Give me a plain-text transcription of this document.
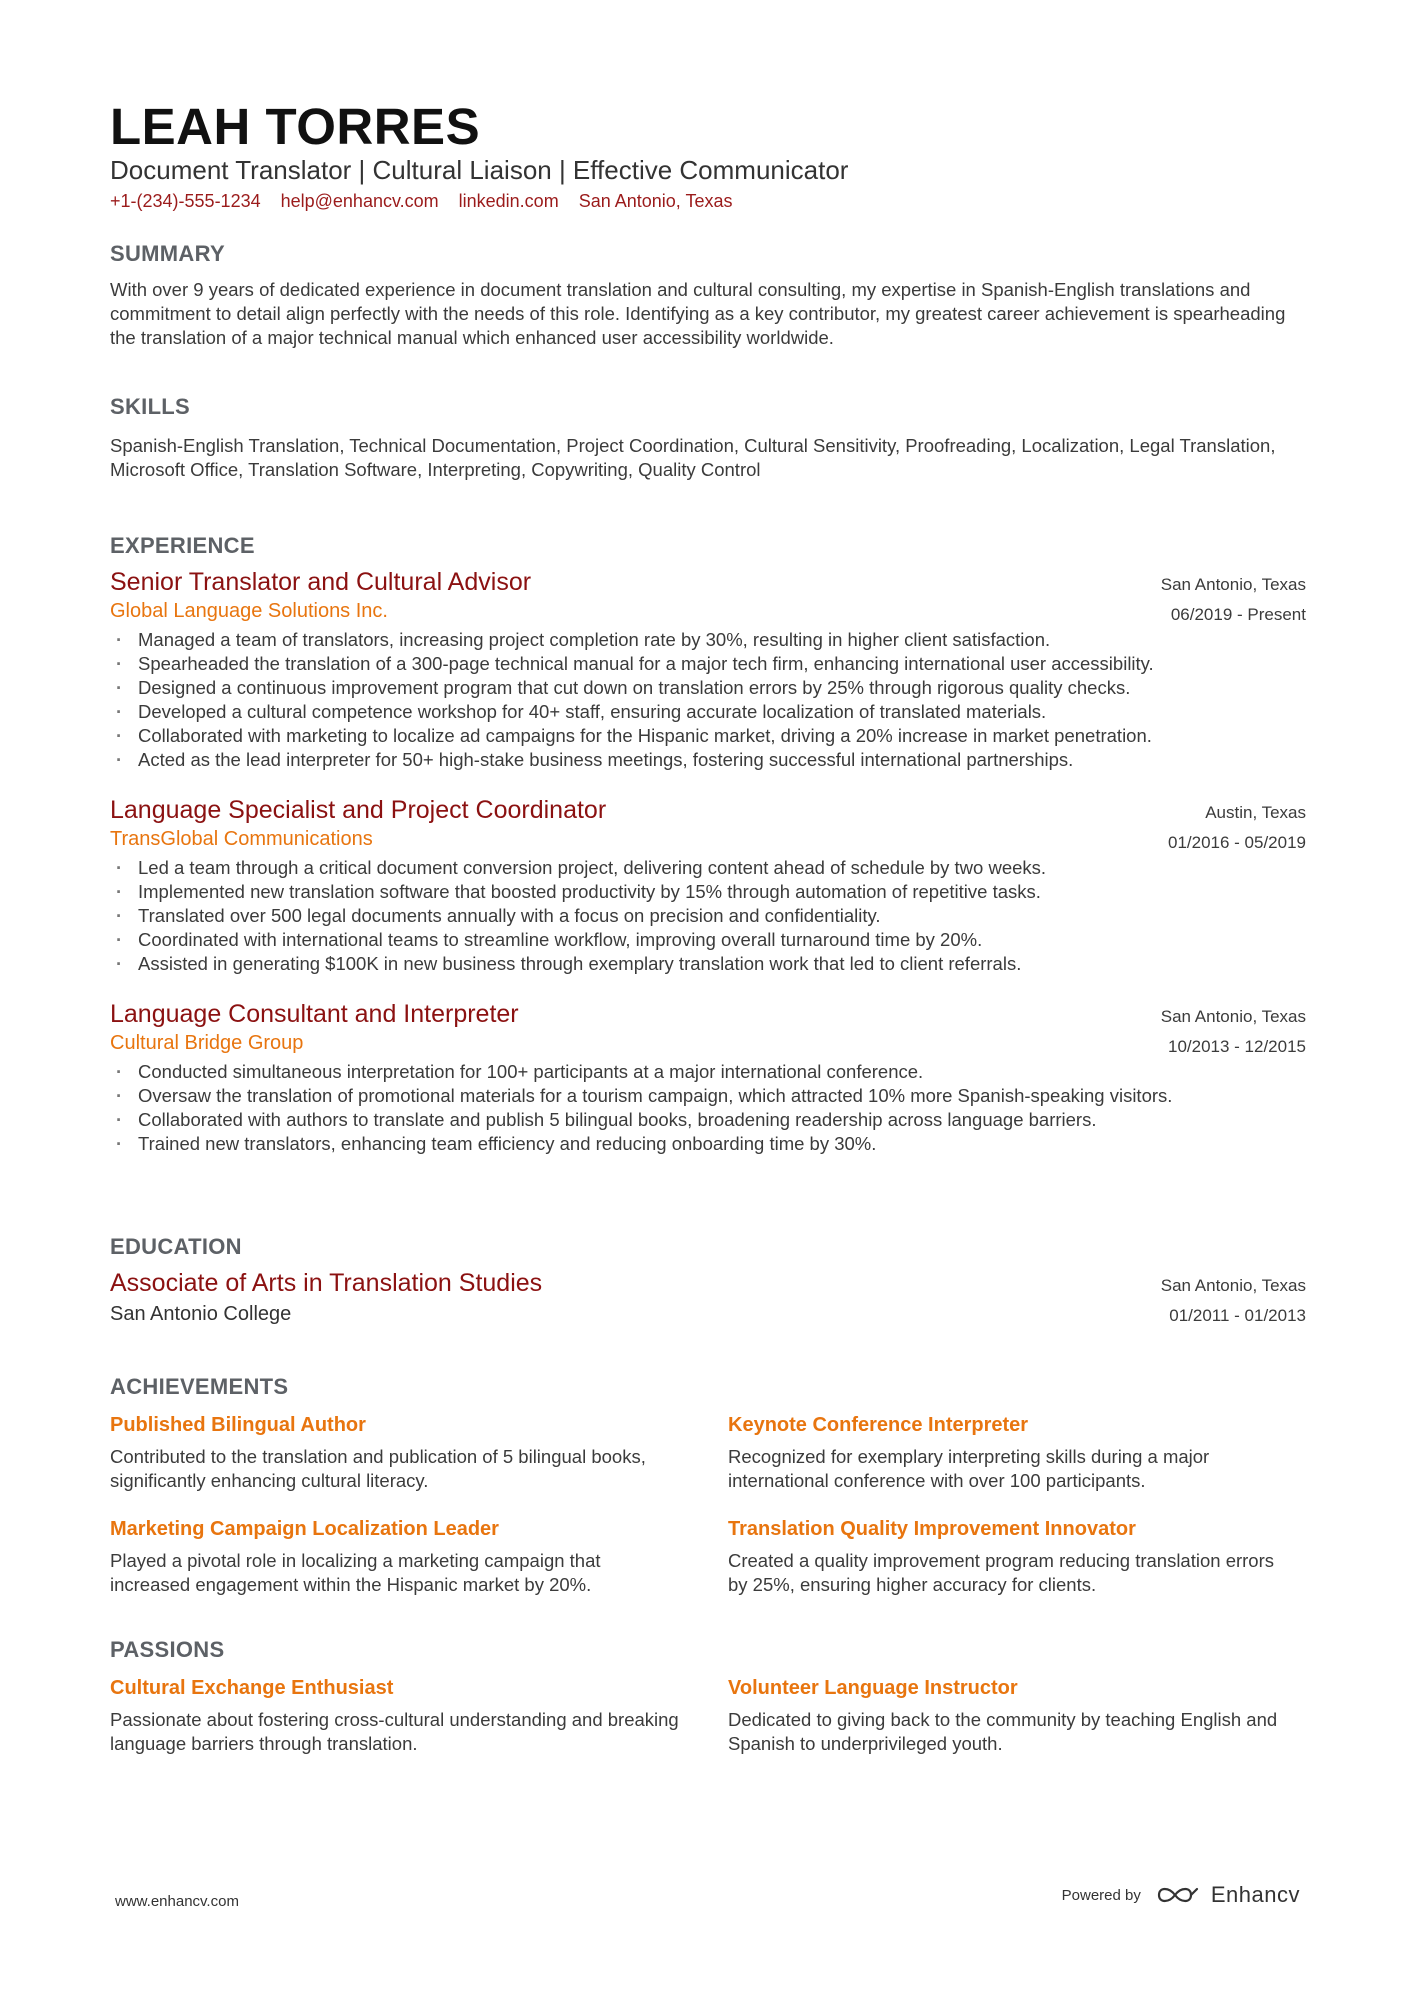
LEAH TORRES
Document Translator | Cultural Liaison | Effective Communicator
+1-(234)-555-1234 help@enhancv.com linkedin.com San Antonio, Texas
SUMMARY
With over 9 years of dedicated experience in document translation and cultural consulting, my expertise in Spanish-English translations and commitment to detail align perfectly with the needs of this role. Identifying as a key contributor, my greatest career achievement is spearheading the translation of a major technical manual which enhanced user accessibility worldwide.
SKILLS
Spanish-English Translation, Technical Documentation, Project Coordination, Cultural Sensitivity, Proofreading, Localization, Legal Translation, Microsoft Office, Translation Software, Interpreting, Copywriting, Quality Control
EXPERIENCE
Senior Translator and Cultural Advisor
Global Language Solutions Inc.
San Antonio, Texas
06/2019 - Present
· Managed a team of translators, increasing project completion rate by 30%, resulting in higher client satisfaction.
· Spearheaded the translation of a 300-page technical manual for a major tech firm, enhancing international user accessibility.
· Designed a continuous improvement program that cut down on translation errors by 25% through rigorous quality checks.
· Developed a cultural competence workshop for 40+ staff, ensuring accurate localization of translated materials.
· Collaborated with marketing to localize ad campaigns for the Hispanic market, driving a 20% increase in market penetration.
· Acted as the lead interpreter for 50+ high-stake business meetings, fostering successful international partnerships.
Language Specialist and Project Coordinator
TransGlobal Communications
Austin, Texas
01/2016 - 05/2019
· Led a team through a critical document conversion project, delivering content ahead of schedule by two weeks.
· Implemented new translation software that boosted productivity by 15% through automation of repetitive tasks.
· Translated over 500 legal documents annually with a focus on precision and confidentiality.
· Coordinated with international teams to streamline workflow, improving overall turnaround time by 20%.
· Assisted in generating $100K in new business through exemplary translation work that led to client referrals.
Language Consultant and Interpreter
Cultural Bridge Group
San Antonio, Texas
10/2013 - 12/2015
· Conducted simultaneous interpretation for 100+ participants at a major international conference.
· Oversaw the translation of promotional materials for a tourism campaign, which attracted 10% more Spanish-speaking visitors.
· Collaborated with authors to translate and publish 5 bilingual books, broadening readership across language barriers.
· Trained new translators, enhancing team efficiency and reducing onboarding time by 30%.
EDUCATION
Associate of Arts in Translation Studies
San Antonio College
San Antonio, Texas
01/2011 - 01/2013
ACHIEVEMENTS
Published Bilingual Author
Contributed to the translation and publication of 5 bilingual books, significantly enhancing cultural literacy.
Keynote Conference Interpreter
Recognized for exemplary interpreting skills during a major international conference with over 100 participants.
Marketing Campaign Localization Leader
Played a pivotal role in localizing a marketing campaign that increased engagement within the Hispanic market by 20%.
Translation Quality Improvement Innovator
Created a quality improvement program reducing translation errors by 25%, ensuring higher accuracy for clients.
PASSIONS
Cultural Exchange Enthusiast
Passionate about fostering cross-cultural understanding and breaking language barriers through translation.
Volunteer Language Instructor
Dedicated to giving back to the community by teaching English and Spanish to underprivileged youth.
www.enhancv.com	Powered by	Enhancv
